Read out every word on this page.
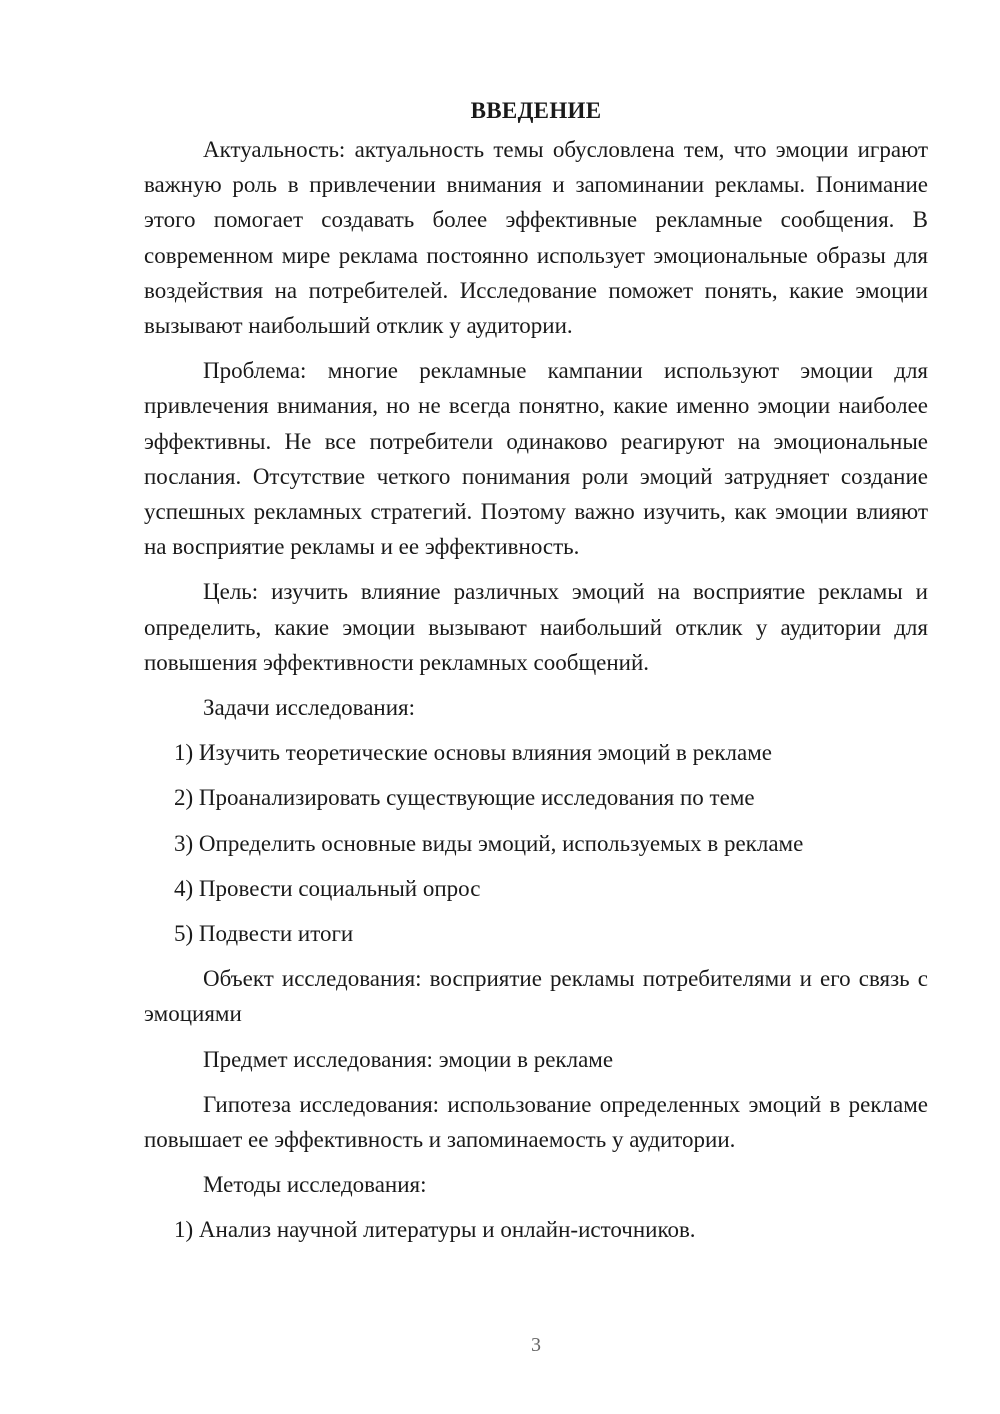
ВВЕДЕНИЕ

Актуальность: актуальность темы обусловлена тем, что эмоции играют важную роль в привлечении внимания и запоминании рекламы. Понимание этого помогает создавать более эффективные рекламные сообщения. В современном мире реклама постоянно использует эмоциональные образы для воздействия на потребителей. Исследование поможет понять, какие эмоции вызывают наибольший отклик у аудитории.

Проблема: многие рекламные кампании используют эмоции для привлечения внимания, но не всегда понятно, какие именно эмоции наиболее эффективны. Не все потребители одинаково реагируют на эмоциональные послания. Отсутствие четкого понимания роли эмоций затрудняет создание успешных рекламных стратегий. Поэтому важно изучить, как эмоции влияют на восприятие рекламы и ее эффективность.

Цель: изучить влияние различных эмоций на восприятие рекламы и определить, какие эмоции вызывают наибольший отклик у аудитории для повышения эффективности рекламных сообщений.

Задачи исследования:
1) Изучить теоретические основы влияния эмоций в рекламе
2) Проанализировать существующие исследования по теме
3) Определить основные виды эмоций, используемых в рекламе
4) Провести социальный опрос
5) Подвести итоги

Объект исследования: восприятие рекламы потребителями и его связь с эмоциями

Предмет исследования: эмоции в рекламе

Гипотеза исследования: использование определенных эмоций в рекламе повышает ее эффективность и запоминаемость у аудитории.

Методы исследования:
1) Анализ научной литературы и онлайн-источников.
3
